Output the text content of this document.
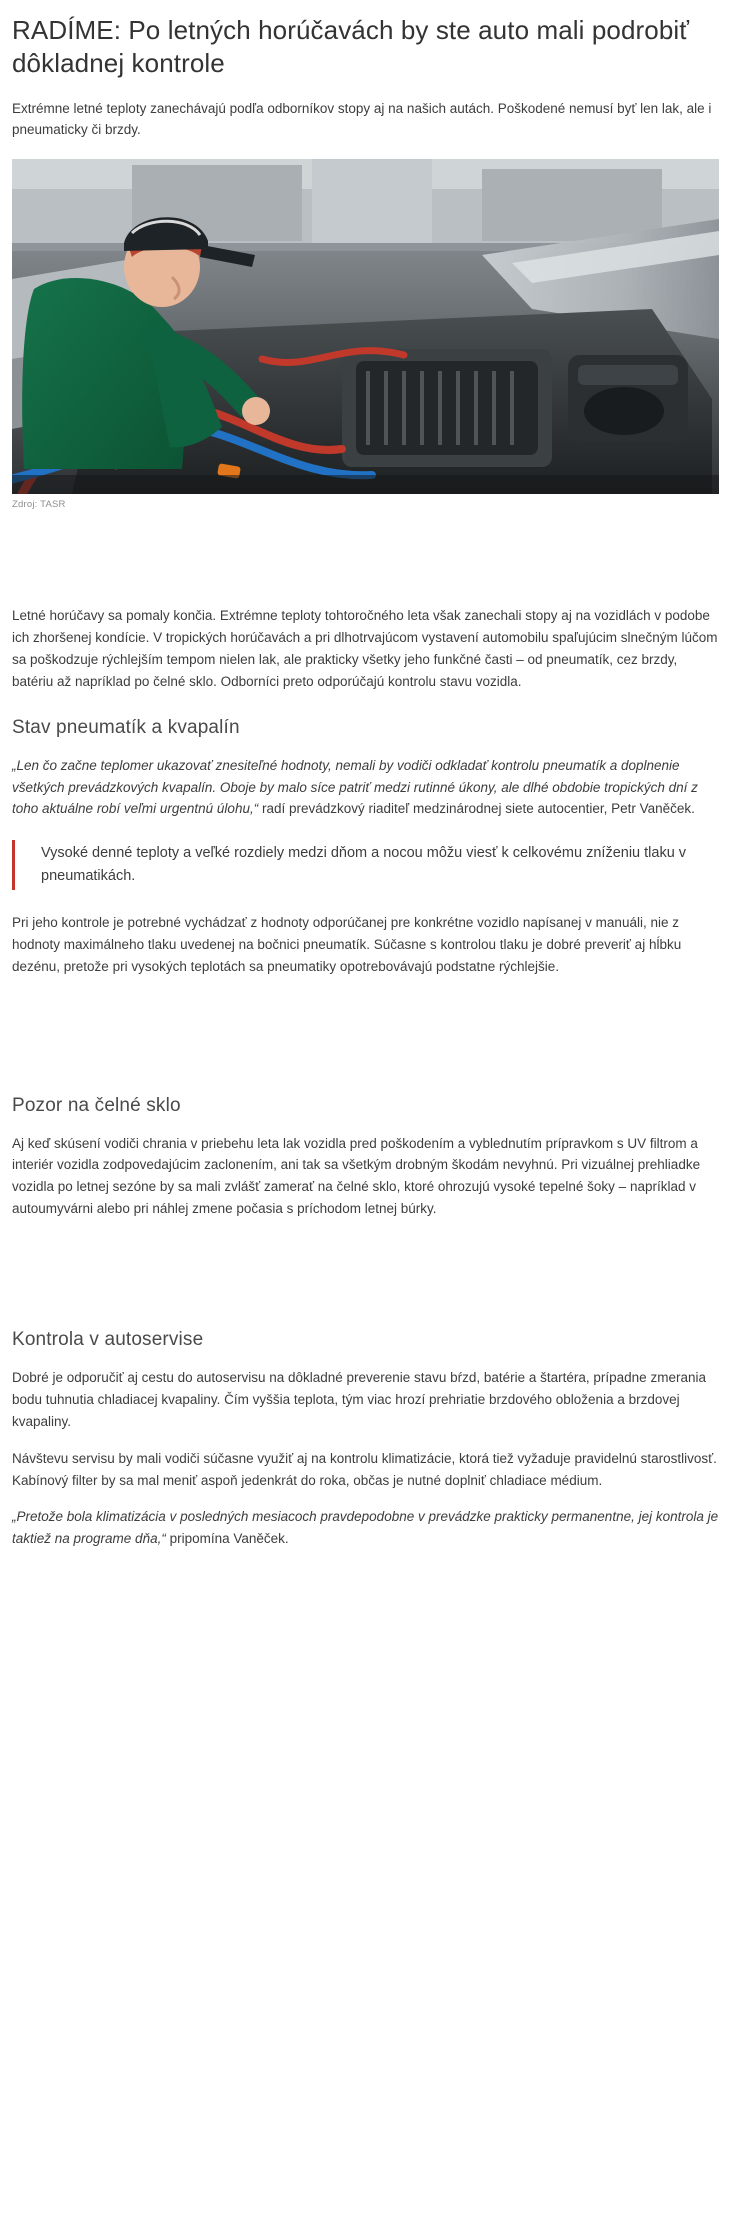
RADÍME: Po letných horúčavách by ste auto mali podrobiť dôkladnej kontrole

Extrémne letné teploty zanechávajú podľa odborníkov stopy aj na našich autách. Poškodené nemusí byť len lak, ale i pneumaticky či brzdy.

Zdroj: TASR

Letné horúčavy sa pomaly končia. Extrémne teploty tohtoročného leta však zanechali stopy aj na vozidlách v podobe ich zhoršenej kondície. V tropických horúčavách a pri dlhotrvajúcom vystavení automobilu spaľujúcim slnečným lúčom sa poškodzuje rýchlejším tempom nielen lak, ale prakticky všetky jeho funkčné časti – od pneumatík, cez brzdy, batériu až napríklad po čelné sklo. Odborníci preto odporúčajú kontrolu stavu vozidla.

Stav pneumatík a kvapalín

„Len čo začne teplomer ukazovať znesiteľné hodnoty, nemali by vodiči odkladať kontrolu pneumatík a doplnenie všetkých prevádzkových kvapalín. Oboje by malo síce patriť medzi rutinné úkony, ale dlhé obdobie tropických dní z toho aktuálne robí veľmi urgentnú úlohu,“ radí prevádzkový riaditeľ medzinárodnej siete autocentier, Petr Vaněček.

Vysoké denné teploty a veľké rozdiely medzi dňom a nocou môžu viesť k celkovému zníženiu tlaku v pneumatikách.

Pri jeho kontrole je potrebné vychádzať z hodnoty odporúčanej pre konkrétne vozidlo napísanej v manuáli, nie z hodnoty maximálneho tlaku uvedenej na bočnici pneumatík. Súčasne s kontrolou tlaku je dobré preveriť aj hĺbku dezénu, pretože pri vysokých teplotách sa pneumatiky opotrebovávajú podstatne rýchlejšie.

Pozor na čelné sklo

Aj keď skúsení vodiči chrania v priebehu leta lak vozidla pred poškodením a vyblednutím prípravkom s UV filtrom a interiér vozidla zodpovedajúcim zaclonením, ani tak sa všetkým drobným škodám nevyhnú. Pri vizuálnej prehliadke vozidla po letnej sezóne by sa mali zvlášť zamerať na čelné sklo, ktoré ohrozujú vysoké tepelné šoky – napríklad v autoumyvárni alebo pri náhlej zmene počasia s príchodom letnej búrky.

Kontrola v autoservise

Dobré je odporučiť aj cestu do autoservisu na dôkladné preverenie stavu bŕzd, batérie a štartéra, prípadne zmerania bodu tuhnutia chladiacej kvapaliny. Čím vyššia teplota, tým viac hrozí prehriatie brzdového obloženia a brzdovej kvapaliny.

Návštevu servisu by mali vodiči súčasne využiť aj na kontrolu klimatizácie, ktorá tiež vyžaduje pravidelnú starostlivosť. Kabínový filter by sa mal meniť aspoň jedenkrát do roka, občas je nutné doplniť chladiace médium.

„Pretože bola klimatizácia v posledných mesiacoch pravdepodobne v prevádzke prakticky permanentne, jej kontrola je taktiež na programe dňa,“ pripomína Vaněček.
